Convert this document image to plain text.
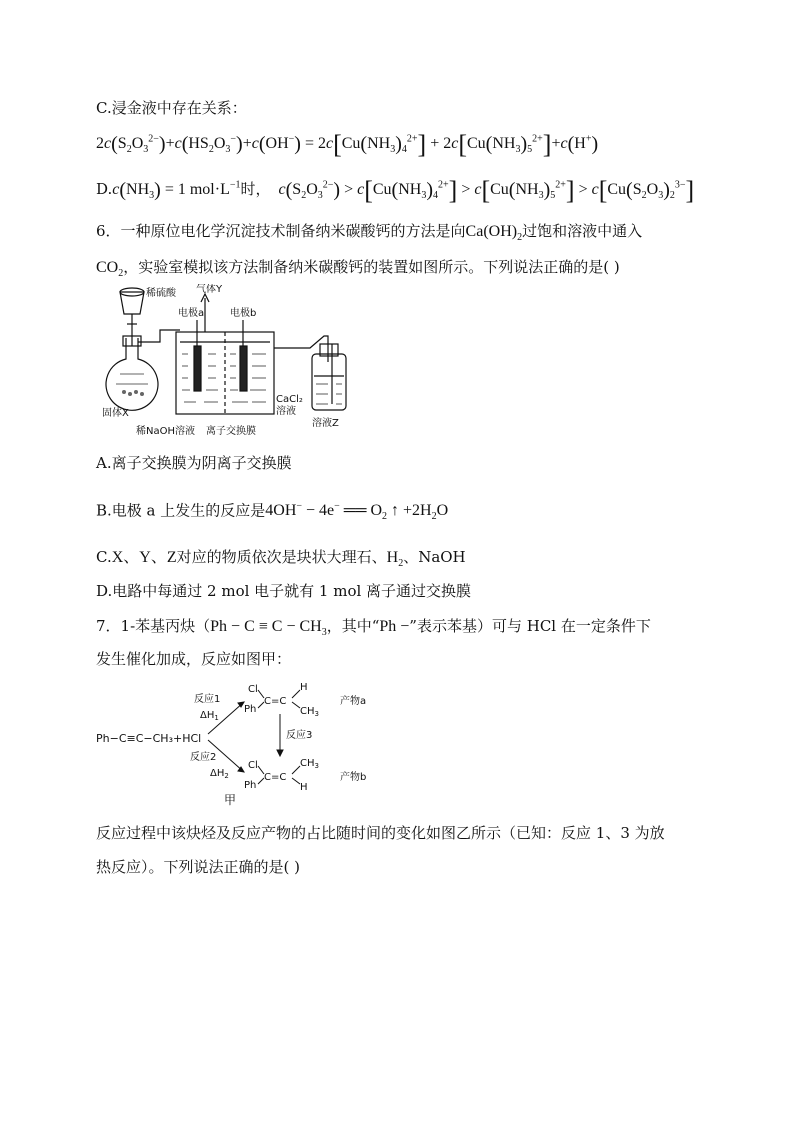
C.浸金液中存在关系：
$2c(S_2O_3^{2-})+c(HS_2O_3^-)+c(OH^-) = 2c[Cu(NH_3)_4^{2+}] + 2c[Cu(NH_3)_5^{2+}]+c(H^+)$
$D.c(NH_3) = 1$ $mol\cdot L^{-1}$时， $c(S_2O_3^{2-}) > c[Cu(NH_3)_4^{2+}] > c[Cu(NH_3)_5^{2+}] > c[Cu(S_2O_3)_2^{3-}]$
6．一种原位电化学沉淀技术制备纳米碳酸钙的方法是向$Ca(OH)_2$过饱和溶液中通入
$CO_2$，实验室模拟该方法制备纳米碳酸钙的装置如图所示。下列说法正确的是( )
稀硫酸 气体Y
电极a	电极b
固体X
稀NaOH溶液 离子交换膜
CaCl₂
溶液
溶液Z
A.离子交换膜为阴离子交换膜
B.电极 a 上发生的反应是4OH− − 4e− ══ $O_2$ ↑ $+2H_2O$
C.X、Y、Z对应的物质依次是块状大理石、$H_2$、NaOH
D.电路中每通过 2 mol 电子就有 1 mol 离子通过交换膜
7．1-苯基丙炔（$Ph - C \equiv C - CH_3$，其中“Ph −”表示苯基）可与 HCl 在一定条件下
发生催化加成，反应如图甲：
Ph−C≡C−CH₃+HCl
反应1
$\Delta H_1$
反应2
$\Delta H_2$
反应3
Cl
Ph
C=C
H
$CH_3$
产物a
Cl
Ph
C=C
$CH_3$
H
产物b
甲
反应过程中该炔烃及反应产物的占比随时间的变化如图乙所示（已知：反应 1、3 为放
热反应）。下列说法正确的是( )
